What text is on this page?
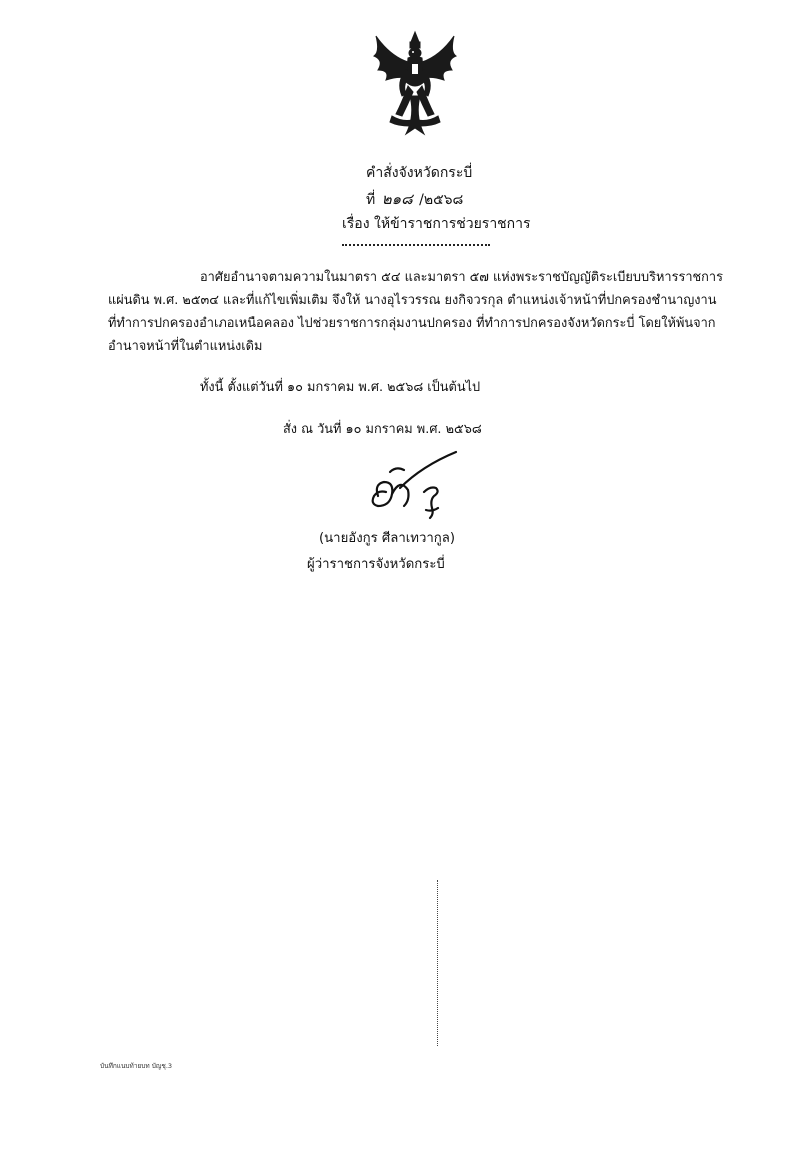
คำสั่งจังหวัดกระบี่
ที่ ๒๑๘ /๒๕๖๘
เรื่อง ให้ข้าราชการช่วยราชการ
อาศัยอำนาจตามความในมาตรา ๕๔ และมาตรา ๕๗ แห่งพระราชบัญญัติระเบียบบริหารราชการ
แผ่นดิน พ.ศ. ๒๕๓๔ และที่แก้ไขเพิ่มเติม จึงให้ นางอุไรวรรณ ยงกิจวรกุล ตำแหน่งเจ้าหน้าที่ปกครองชำนาญงาน
ที่ทำการปกครองอำเภอเหนือคลอง ไปช่วยราชการกลุ่มงานปกครอง ที่ทำการปกครองจังหวัดกระบี่ โดยให้พ้นจาก
อำนาจหน้าที่ในตำแหน่งเดิม
ทั้งนี้ ตั้งแต่วันที่ ๑๐ มกราคม พ.ศ. ๒๕๖๘ เป็นต้นไป
สั่ง ณ วันที่ ๑๐ มกราคม พ.ศ. ๒๕๖๘
(นายอังกูร ศีลาเทวากูล)
ผู้ว่าราชการจังหวัดกระบี่
บันทึกแนบท้ายบท บัญชุ.3
